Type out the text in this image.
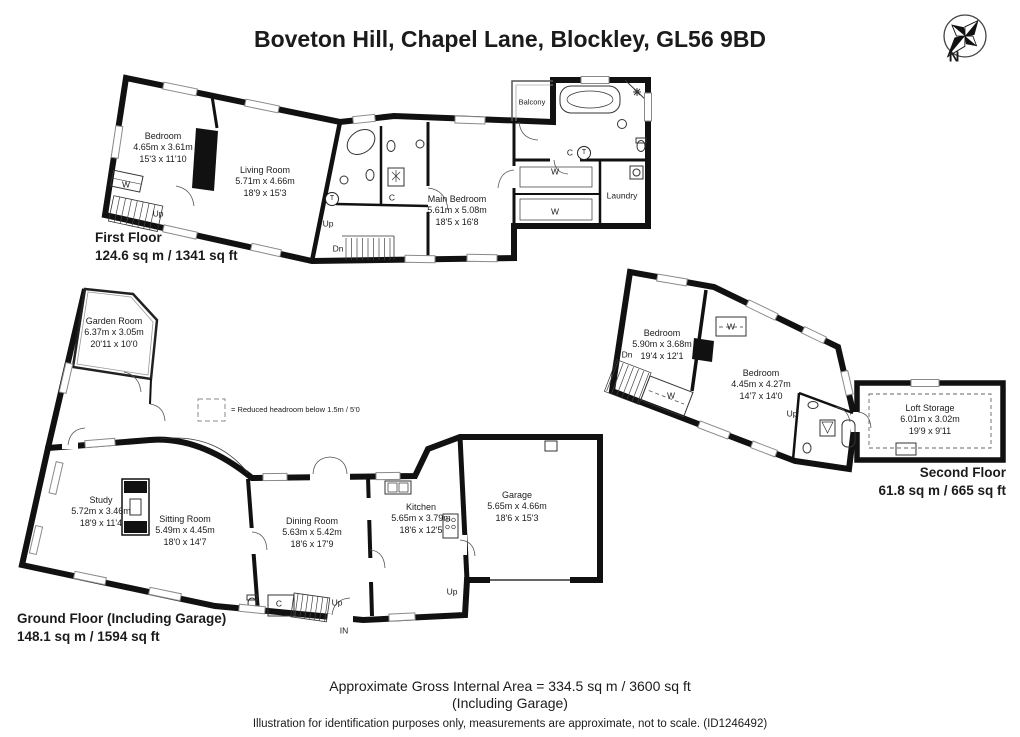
Boveton Hill, Chapel Lane, Blockley, GL56 9BD
N
Bedroom
4.65m x 3.61m
15'3 x 11'10
Living Room
5.71m x 4.66m
18'9 x 15'3
Main Bedroom
5.61m x 5.08m
18'5 x 16'8
Balcony
Laundry
W
W
W
C
C
T
T
Up
Up
Dn
First Floor
124.6 sq m / 1341 sq ft
= Reduced headroom below 1.5m / 5'0
Garden Room
6.37m x 3.05m
20'11 x 10'0
Study
5.72m x 3.46m
18'9 x 11'4	Sitting Room
5.49m x 4.45m
18'0 x 14'7
Dining Room
5.63m x 5.42m
18'6 x 17'9
Kitchen
5.65m x 3.79m
18'6 x 12'5
Garage
5.65m x 4.66m
18'6 x 15'3
Up
Up
C
IN
Ground Floor (Including Garage)
148.1 sq m / 1594 sq ft
Bedroom
5.90m x 3.68m
19'4 x 12'1
Bedroom
4.45m x 4.27m
14'7 x 14'0
Loft Storage
6.01m x 3.02m
19'9 x 9'11
W
W
Dn
Up
Second Floor
61.8 sq m / 665 sq ft
Approximate Gross Internal Area = 334.5 sq m / 3600 sq ft
(Including Garage)
Illustration for identification purposes only, measurements are approximate, not to scale. (ID1246492)
